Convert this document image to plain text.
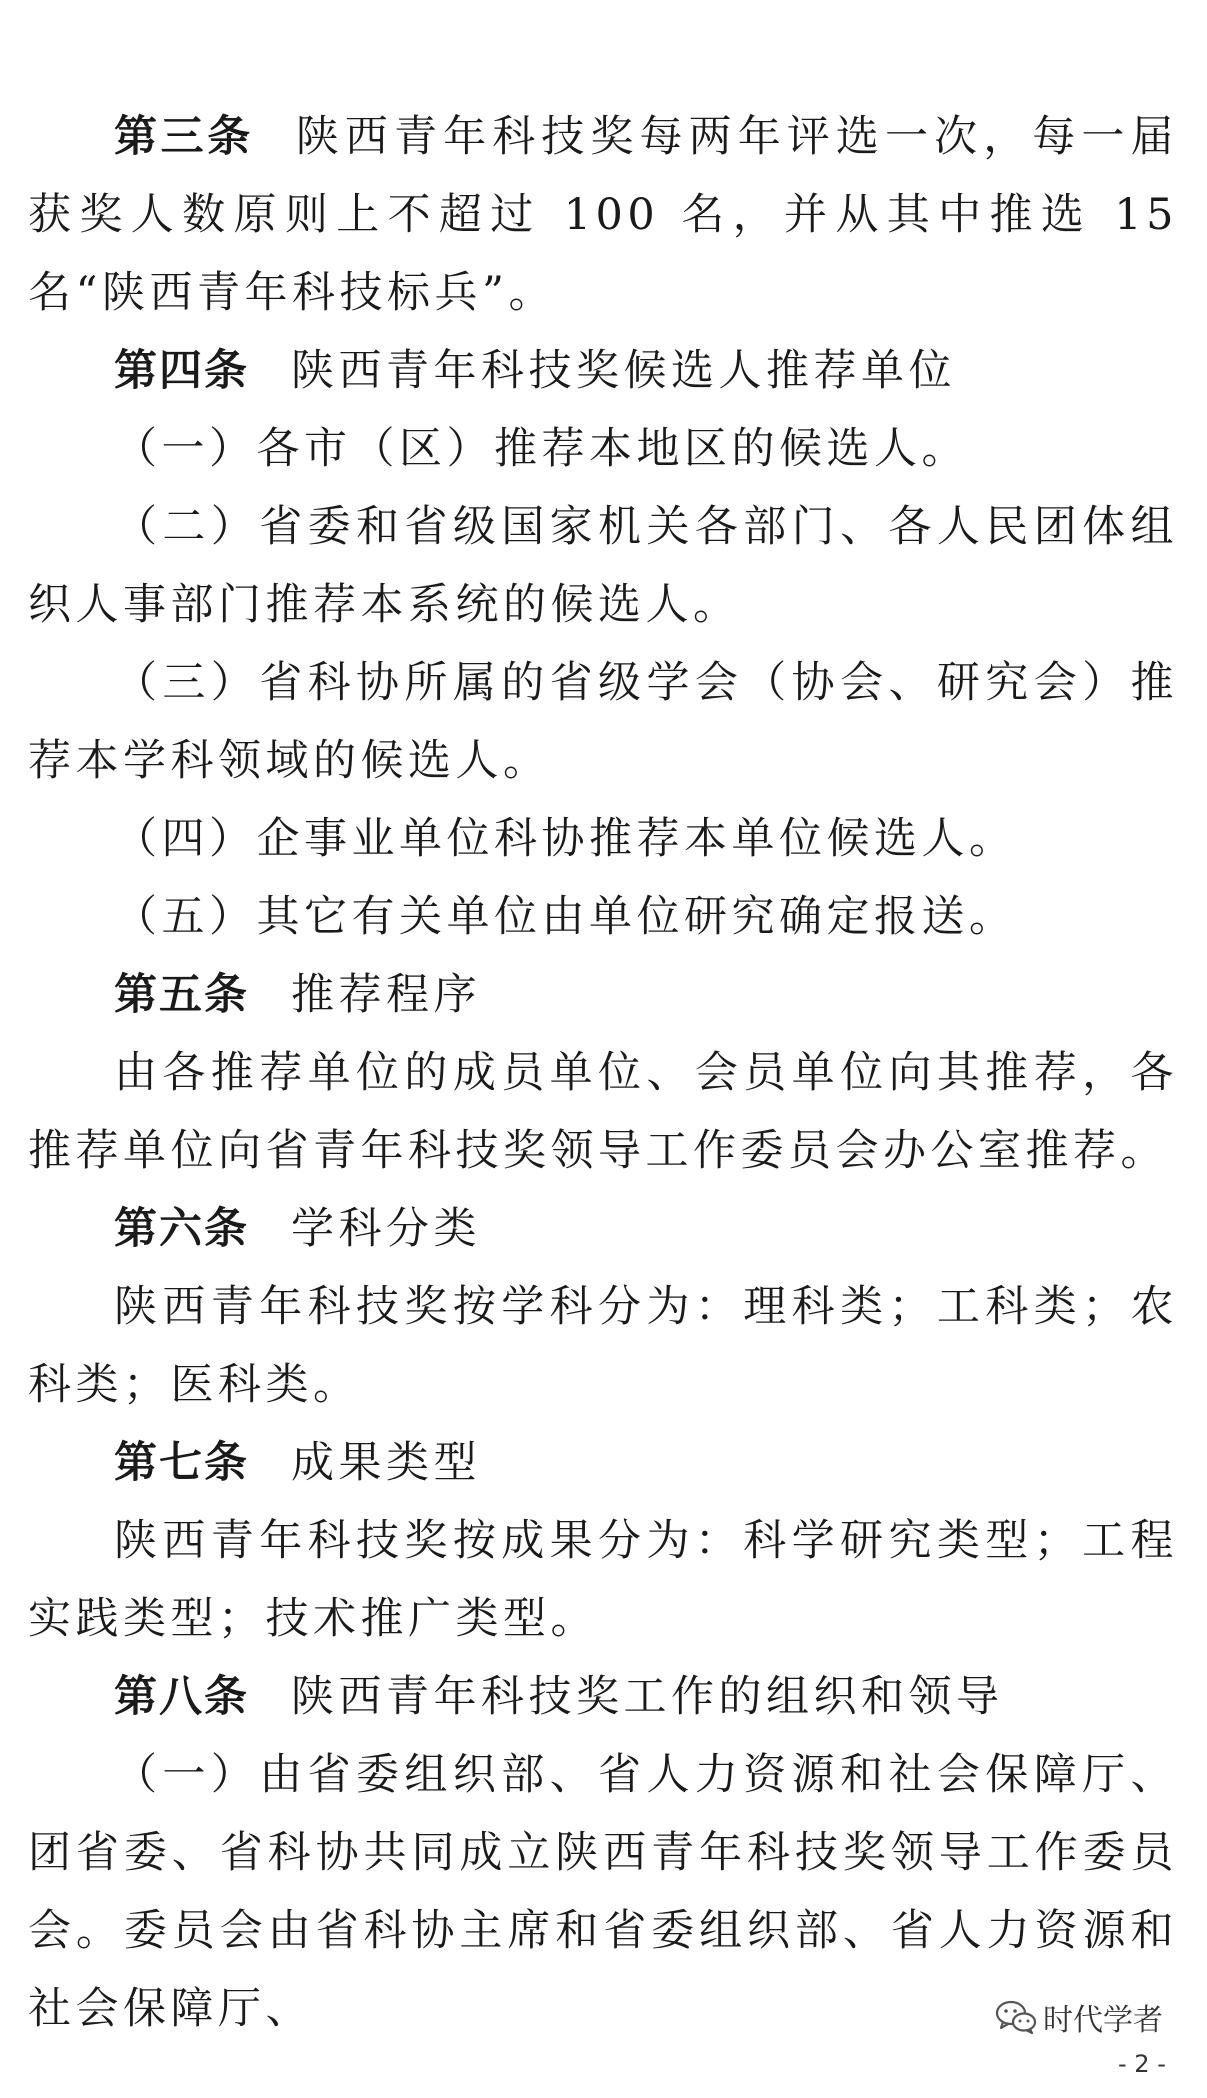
第三条 陕西青年科技奖每两年评选一次，每一届获奖人数原则上不超过 100 名，并从其中推选 15 名“陕西青年科技标兵”。

第四条 陕西青年科技奖候选人推荐单位

（一）各市（区）推荐本地区的候选人。

（二）省委和省级国家机关各部门、各人民团体组织人事部门推荐本系统的候选人。

（三）省科协所属的省级学会（协会、研究会）推荐本学科领域的候选人。

（四）企事业单位科协推荐本单位候选人。

（五）其它有关单位由单位研究确定报送。

第五条 推荐程序

由各推荐单位的成员单位、会员单位向其推荐，各推荐单位向省青年科技奖领导工作委员会办公室推荐。

第六条 学科分类

陕西青年科技奖按学科分为：理科类；工科类；农科类；医科类。

第七条 成果类型

陕西青年科技奖按成果分为：科学研究类型；工程实践类型；技术推广类型。

第八条 陕西青年科技奖工作的组织和领导

（一）由省委组织部、省人力资源和社会保障厅、团省委、省科协共同成立陕西青年科技奖领导工作委员会。委员会由省科协主席和省委组织部、省人力资源和社会保障厅、	时代学者
- 2 -
